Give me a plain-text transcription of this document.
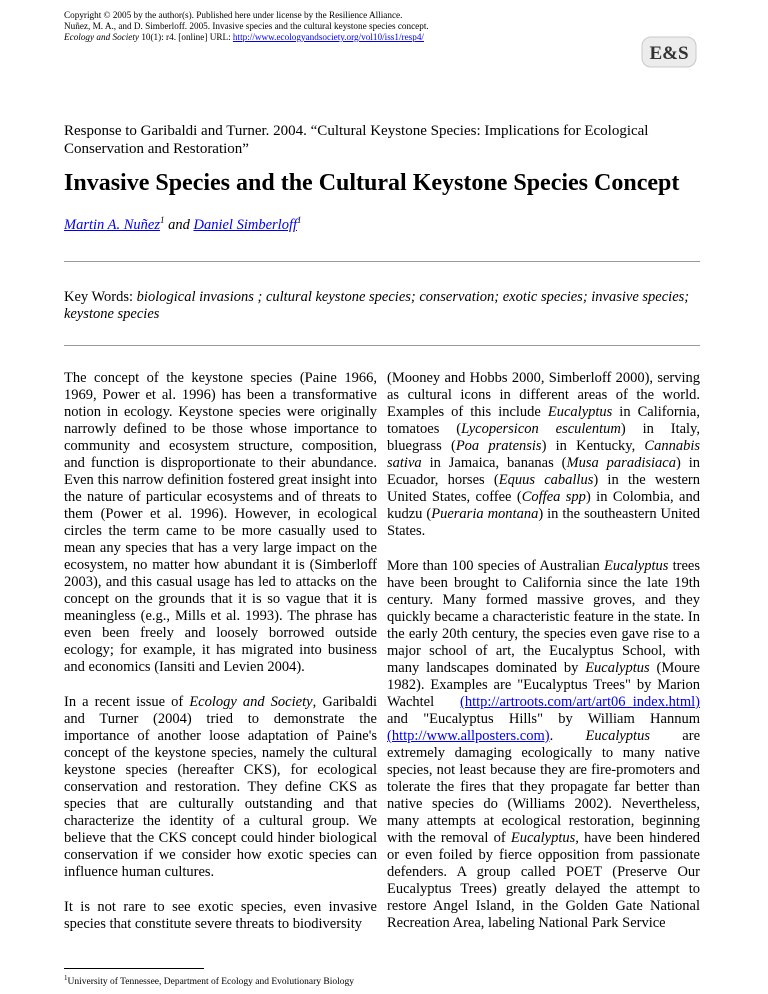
Copyright © 2005 by the author(s). Published here under license by the Resilience Alliance.
Nuñez, M. A., and D. Simberloff. 2005. Invasive species and the cultural keystone species concept.
Ecology and Society 10(1): r4. [online] URL: http://www.ecologyandsociety.org/vol10/iss1/resp4/
E&S
Response to Garibaldi and Turner. 2004. “Cultural Keystone Species: Implications for Ecological Conservation and Restoration”
Invasive Species and the Cultural Keystone Species Concept
Martin A. Nuñez$^1$ and Daniel Simberloff$^1$
Key Words: biological invasions ; cultural keystone species; conservation; exotic species; invasive species; keystone species

The concept of the keystone species (Paine 1966, 1969, Power et al. 1996) has been a transformative notion in ecology. Keystone species were originally narrowly defined to be those whose importance to community and ecosystem structure, composition, and function is disproportionate to their abundance. Even this narrow definition fostered great insight into the nature of particular ecosystems and of threats to them (Power et al. 1996). However, in ecological circles the term came to be more casually used to mean any species that has a very large impact on the ecosystem, no matter how abundant it is (Simberloff 2003), and this casual usage has led to attacks on the concept on the grounds that it is so vague that it is meaningless (e.g., Mills et al. 1993). The phrase has even been freely and loosely borrowed outside ecology; for example, it has migrated into business and economics (Iansiti and Levien 2004).

In a recent issue of Ecology and Society, Garibaldi and Turner (2004) tried to demonstrate the importance of another loose adaptation of Paine's concept of the keystone species, namely the cultural keystone species (hereafter CKS), for ecological conservation and restoration. They define CKS as species that are culturally outstanding and that characterize the identity of a cultural group. We believe that the CKS concept could hinder biological conservation if we consider how exotic species can influence human cultures.

It is not rare to see exotic species, even invasive species that constitute severe threats to biodiversity

(Mooney and Hobbs 2000, Simberloff 2000), serving as cultural icons in different areas of the world. Examples of this include Eucalyptus in California, tomatoes (Lycopersicon esculentum) in Italy, bluegrass (Poa pratensis) in Kentucky, Cannabis sativa in Jamaica, bananas (Musa paradisiaca) in Ecuador, horses (Equus caballus) in the western United States, coffee (Coffea spp) in Colombia, and kudzu (Pueraria montana) in the southeastern United States.

More than 100 species of Australian Eucalyptus trees have been brought to California since the late 19th century. Many formed massive groves, and they quickly became a characteristic feature in the state. In the early 20th century, the species even gave rise to a major school of art, the Eucalyptus School, with many landscapes dominated by Eucalyptus (Moure 1982). Examples are "Eucalyptus Trees" by Marion Wachtel (http://artroots.com/art/art06_index.html) and "Eucalyptus Hills" by William Hannum (http://www.allposters.com). Eucalyptus are extremely damaging ecologically to many native species, not least because they are fire-promoters and tolerate the fires that they propagate far better than native species do (Williams 2002). Nevertheless, many attempts at ecological restoration, beginning with the removal of Eucalyptus, have been hindered or even foiled by fierce opposition from passionate defenders. A group called POET (Preserve Our Eucalyptus Trees) greatly delayed the attempt to restore Angel Island, in the Golden Gate National Recreation Area, labeling National Park Service

$^1$University of Tennessee, Department of Ecology and Evolutionary Biology
